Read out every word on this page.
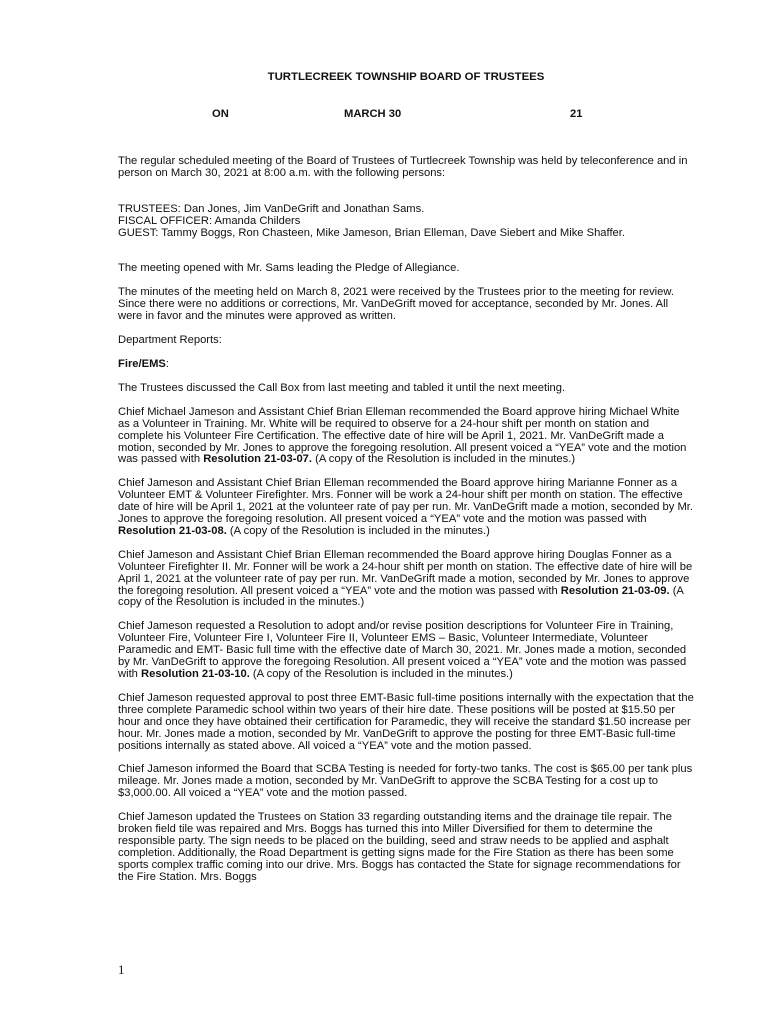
TURTLECREEK TOWNSHIP BOARD OF TRUSTEES
ON	MARCH 30	21

The regular scheduled meeting of the Board of Trustees of Turtlecreek Township was held by teleconference and in person on March 30, 2021 at 8:00 a.m. with the following persons:

TRUSTEES: Dan Jones, Jim VanDeGrift and Jonathan Sams.

FISCAL OFFICER: Amanda Childers

GUEST: Tammy Boggs, Ron Chasteen, Mike Jameson, Brian Elleman, Dave Siebert and Mike Shaffer.

The meeting opened with Mr. Sams leading the Pledge of Allegiance.

The minutes of the meeting held on March 8, 2021 were received by the Trustees prior to the meeting for review. Since there were no additions or corrections, Mr. VanDeGrift moved for acceptance, seconded by Mr. Jones. All were in favor and the minutes were approved as written.

Department Reports:

Fire/EMS:

The Trustees discussed the Call Box from last meeting and tabled it until the next meeting.

Chief Michael Jameson and Assistant Chief Brian Elleman recommended the Board approve hiring Michael White as a Volunteer in Training. Mr. White will be required to observe for a 24-hour shift per month on station and complete his Volunteer Fire Certification. The effective date of hire will be April 1, 2021. Mr. VanDeGrift made a motion, seconded by Mr. Jones to approve the foregoing resolution. All present voiced a “YEA” vote and the motion was passed with Resolution 21-03-07. (A copy of the Resolution is included in the minutes.)

Chief Jameson and Assistant Chief Brian Elleman recommended the Board approve hiring Marianne Fonner as a Volunteer EMT & Volunteer Firefighter. Mrs. Fonner will be work a 24-hour shift per month on station. The effective date of hire will be April 1, 2021 at the volunteer rate of pay per run. Mr. VanDeGrift made a motion, seconded by Mr. Jones to approve the foregoing resolution. All present voiced a “YEA” vote and the motion was passed with Resolution 21-03-08. (A copy of the Resolution is included in the minutes.)

Chief Jameson and Assistant Chief Brian Elleman recommended the Board approve hiring Douglas Fonner as a Volunteer Firefighter II. Mr. Fonner will be work a 24-hour shift per month on station. The effective date of hire will be April 1, 2021 at the volunteer rate of pay per run. Mr. VanDeGrift made a motion, seconded by Mr. Jones to approve the foregoing resolution. All present voiced a “YEA” vote and the motion was passed with Resolution 21-03-09. (A copy of the Resolution is included in the minutes.)

Chief Jameson requested a Resolution to adopt and/or revise position descriptions for Volunteer Fire in Training, Volunteer Fire, Volunteer Fire I, Volunteer Fire II, Volunteer EMS – Basic, Volunteer Intermediate, Volunteer Paramedic and EMT- Basic full time with the effective date of March 30, 2021. Mr. Jones made a motion, seconded by Mr. VanDeGrift to approve the foregoing Resolution. All present voiced a “YEA” vote and the motion was passed with Resolution 21-03-10. (A copy of the Resolution is included in the minutes.)

Chief Jameson requested approval to post three EMT-Basic full-time positions internally with the expectation that the three complete Paramedic school within two years of their hire date. These positions will be posted at $15.50 per hour and once they have obtained their certification for Paramedic, they will receive the standard $1.50 increase per hour. Mr. Jones made a motion, seconded by Mr. VanDeGrift to approve the posting for three EMT-Basic full-time positions internally as stated above. All voiced a “YEA” vote and the motion passed.

Chief Jameson informed the Board that SCBA Testing is needed for forty-two tanks. The cost is $65.00 per tank plus mileage. Mr. Jones made a motion, seconded by Mr. VanDeGrift to approve the SCBA Testing for a cost up to $3,000.00. All voiced a “YEA” vote and the motion passed.

Chief Jameson updated the Trustees on Station 33 regarding outstanding items and the drainage tile repair. The broken field tile was repaired and Mrs. Boggs has turned this into Miller Diversified for them to determine the responsible party. The sign needs to be placed on the building, seed and straw needs to be applied and asphalt completion. Additionally, the Road Department is getting signs made for the Fire Station as there has been some sports complex traffic coming into our drive. Mrs. Boggs has contacted the State for signage recommendations for the Fire Station. Mrs. Boggs

1
